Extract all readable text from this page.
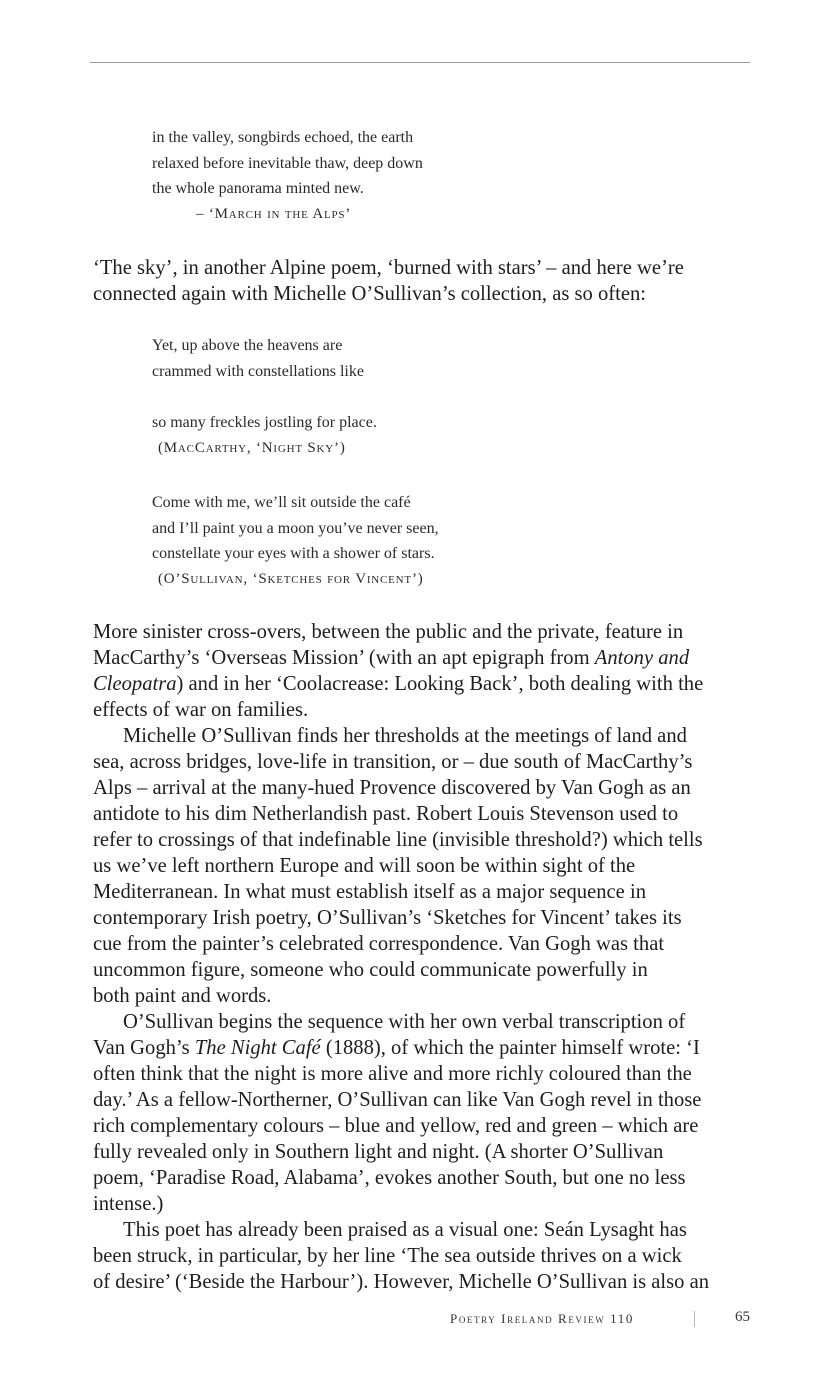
in the valley, songbirds echoed, the earth
relaxed before inevitable thaw, deep down
the whole panorama minted new.
– ‘March in the Alps’
‘The sky’, in another Alpine poem, ‘burned with stars’ – and here we’re
connected again with Michelle O’Sullivan’s collection, as so often:
Yet, up above the heavens are
crammed with constellations like
so many freckles jostling for place.
(MacCarthy, ‘Night Sky’)
Come with me, we’ll sit outside the café
and I’ll paint you a moon you’ve never seen,
constellate your eyes with a shower of stars.
(O’Sullivan, ‘Sketches for Vincent’)
More sinister cross-overs, between the public and the private, feature in
MacCarthy’s ‘Overseas Mission’ (with an apt epigraph from Antony and
Cleopatra) and in her ‘Coolacrease: Looking Back’, both dealing with the
effects of war on families.
Michelle O’Sullivan finds her thresholds at the meetings of land and
sea, across bridges, love-life in transition, or – due south of MacCarthy’s
Alps – arrival at the many-hued Provence discovered by Van Gogh as an
antidote to his dim Netherlandish past. Robert Louis Stevenson used to
refer to crossings of that indefinable line (invisible threshold?) which tells
us we’ve left northern Europe and will soon be within sight of the
Mediterranean. In what must establish itself as a major sequence in
contemporary Irish poetry, O’Sullivan’s ‘Sketches for Vincent’ takes its
cue from the painter’s celebrated correspondence. Van Gogh was that
uncommon figure, someone who could communicate powerfully in
both paint and words.
O’Sullivan begins the sequence with her own verbal transcription of
Van Gogh’s The Night Café (1888), of which the painter himself wrote: ‘I
often think that the night is more alive and more richly coloured than the
day.’ As a fellow-Northerner, O’Sullivan can like Van Gogh revel in those
rich complementary colours – blue and yellow, red and green – which are
fully revealed only in Southern light and night. (A shorter O’Sullivan
poem, ‘Paradise Road, Alabama’, evokes another South, but one no less
intense.)
This poet has already been praised as a visual one: Seán Lysaght has
been struck, in particular, by her line ‘The sea outside thrives on a wick
of desire’ (‘Beside the Harbour’). However, Michelle O’Sullivan is also an
Poetry Ireland Review 110	65
